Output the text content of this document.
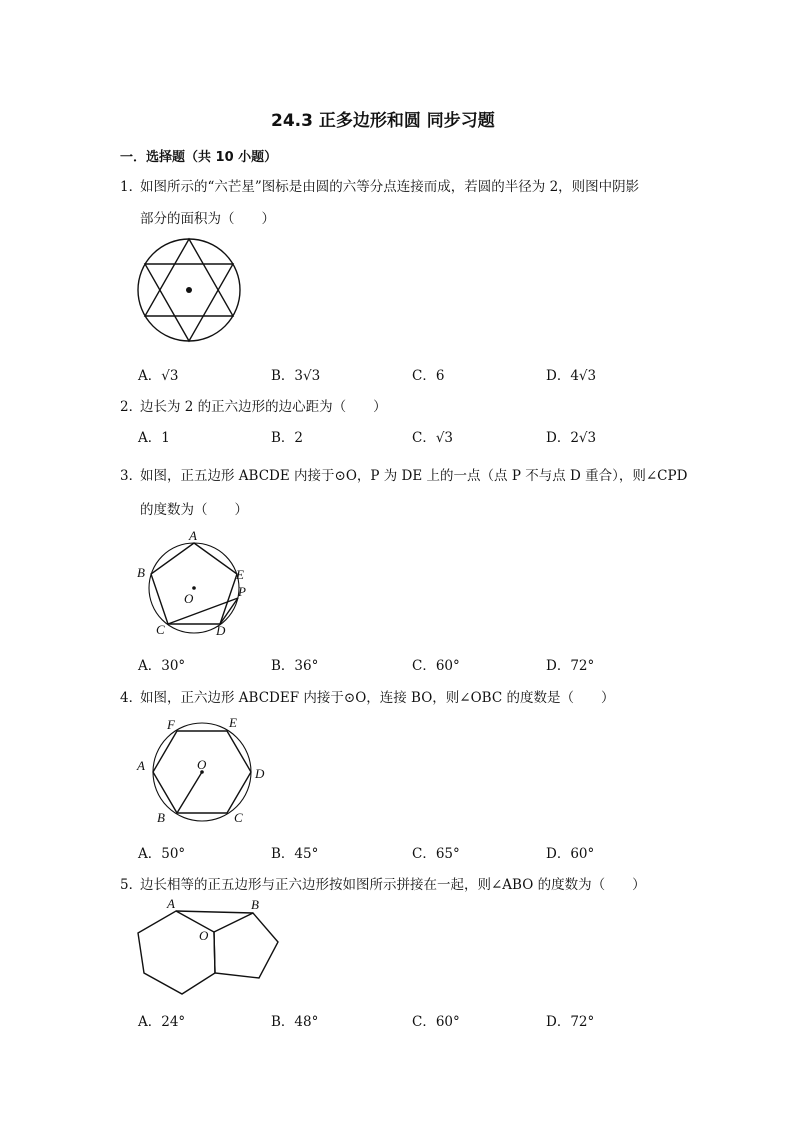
24.3 正多边形和圆 同步习题
一．选择题（共 10 小题）
1．
如图所示的“六芒星”图标是由圆的六等分点连接而成，若圆的半径为 2，则图中阴影
部分的面积为（　　）
A．√3	B．3√3	C．6	D．4√3
2．
边长为 2 的正六边形的边心距为（　　）
A．1	B．2	C．√3	D．2√3
3．
如图，正五边形 ABCDE 内接于⊙O，P 为 DE 上的一点（点 P 不与点 D 重合），则∠CPD
的度数为（　　）
A
B
C	D
E
O	P
A．30°	B．36°	C．60°	D．72°
4．
如图，正六边形 ABCDEF 内接于⊙O，连接 BO，则∠OBC 的度数是（　　）
A
B	C
D
E
F
O
A．50°	B．45°	C．65°	D．60°
5．
边长相等的正五边形与正六边形按如图所示拼接在一起，则∠ABO 的度数为（　　）
A	B
O
A．24°	B．48°	C．60°	D．72°
